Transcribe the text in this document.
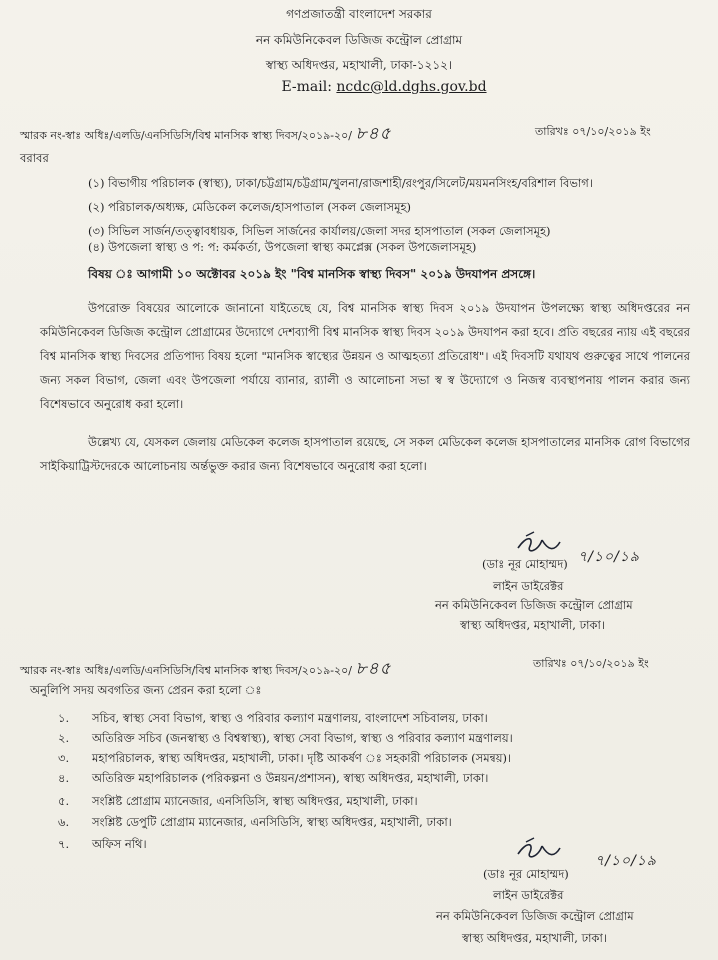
গণপ্রজাতন্ত্রী বাংলাদেশ সরকার
নন কমিউনিকেবল ডিজিজ কন্ট্রোল প্রোগ্রাম
স্বাস্থ্য অধিদপ্তর, মহাখালী, ঢাকা-১২১২।
E-mail: ncdc@ld.dghs.gov.bd
স্মারক নং-স্বাঃ অধিঃ/এলডি/এনসিডিসি/বিশ্ব মানসিক স্বাস্থ্য দিবস/২০১৯-২০/ ৮৪৫	তারিখঃ ০৭/১০/২০১৯ ইং
বরাবর
(১) বিভাগীয় পরিচালক (স্বাস্থ্য), ঢাকা/চট্টগ্রাম/চট্টগ্রাম/খুলনা/রাজশাহী/রংপুর/সিলেট/ময়মনসিংহ/বরিশাল বিভাগ।
(২) পরিচালক/অধ্যক্ষ, মেডিকেল কলেজ/হাসপাতাল (সকল জেলাসমূহ)
(৩) সিভিল সার্জন/তত্ত্বাবধায়ক, সিভিল সার্জনের কার্যালয়/জেলা সদর হাসপাতাল (সকল জেলাসমূহ)
(৪) উপজেলা স্বাস্থ্য ও প: প: কর্মকর্তা, উপজেলা স্বাস্থ্য কমপ্লেক্স (সকল উপজেলাসমূহ)
বিষয় ঃ আগামী ১০ অক্টোবর ২০১৯ ইং "বিশ্ব মানসিক স্বাস্থ্য দিবস" ২০১৯ উদযাপন প্রসঙ্গে।
উপরোক্ত বিষয়ের আলোকে জানানো যাইতেছে যে, বিশ্ব মানসিক স্বাস্থ্য দিবস ২০১৯ উদযাপন উপলক্ষ্যে স্বাস্থ্য অধিদপ্তরের নন কমিউনিকেবল ডিজিজ কন্ট্রোল প্রোগ্রামের উদ্যোগে দেশব্যাপী বিশ্ব মানসিক স্বাস্থ্য দিবস ২০১৯ উদযাপন করা হবে। প্রতি বছরের ন্যায় এই বছরের বিশ্ব মানসিক স্বাস্থ্য দিবসের প্রতিপাদ্য বিষয় হলো "মানসিক স্বাস্থ্যের উন্নয়ন ও আত্মহত্যা প্রতিরোধ"। এই দিবসটি যথাযথ গুরুত্বের সাথে পালনের জন্য সকল বিভাগ, জেলা এবং উপজেলা পর্যায়ে ব্যানার, র‍্যালী ও আলোচনা সভা স্ব স্ব উদ্যোগে ও নিজস্ব ব্যবস্থাপনায় পালন করার জন্য বিশেষভাবে অনুরোধ করা হলো।
উল্লেখ্য যে, যেসকল জেলায় মেডিকেল কলেজ হাসপাতাল রয়েছে, সে সকল মেডিকেল কলেজ হাসপাতালের মানসিক রোগ বিভাগের সাইকিয়াট্রিস্টদেরকে আলোচনায় অর্ন্তভুক্ত করার জন্য বিশেষভাবে অনুরোধ করা হলো।
৭/১০/১৯
(ডাঃ নূর মোহাম্মদ)
লাইন ডাইরেক্টর
নন কমিউনিকেবল ডিজিজ কন্ট্রোল প্রোগ্রাম
স্বাস্থ্য অধিদপ্তর, মহাখালী, ঢাকা।
স্মারক নং-স্বাঃ অধিঃ/এলডি/এনসিডিসি/বিশ্ব মানসিক স্বাস্থ্য দিবস/২০১৯-২০/ ৮৪৫	তারিখঃ ০৭/১০/২০১৯ ইং
অনুলিপি সদয় অবগতির জন্য প্রেরন করা হলো ঃ
১. সচিব, স্বাস্থ্য সেবা বিভাগ, স্বাস্থ্য ও পরিবার কল্যাণ মন্ত্রণালয়, বাংলাদেশ সচিবালয়, ঢাকা।
২. অতিরিক্ত সচিব (জনস্বাস্থ্য ও বিশ্বস্বাস্থ্য), স্বাস্থ্য সেবা বিভাগ, স্বাস্থ্য ও পরিবার কল্যাণ মন্ত্রণালয়।
৩. মহাপরিচালক, স্বাস্থ্য অধিদপ্তর, মহাখালী, ঢাকা। দৃষ্টি আকর্ষণ ঃ সহকারী পরিচালক (সমন্বয়)।
৪. অতিরিক্ত মহাপরিচালক (পরিকল্পনা ও উন্নয়ন/প্রশাসন), স্বাস্থ্য অধিদপ্তর, মহাখালী, ঢাকা।
৫. সংশ্লিষ্ট প্রোগ্রাম ম্যানেজার, এনসিডিসি, স্বাস্থ্য অধিদপ্তর, মহাখালী, ঢাকা।
৬. সংশ্লিষ্ট ডেপুটি প্রোগ্রাম ম্যানেজার, এনসিডিসি, স্বাস্থ্য অধিদপ্তর, মহাখালী, ঢাকা।
৭. অফিস নথি।
৭/১০/১৯
(ডাঃ নূর মোহাম্মদ)
লাইন ডাইরেক্টর
নন কমিউনিকেবল ডিজিজ কন্ট্রোল প্রোগ্রাম
স্বাস্থ্য অধিদপ্তর, মহাখালী, ঢাকা।
